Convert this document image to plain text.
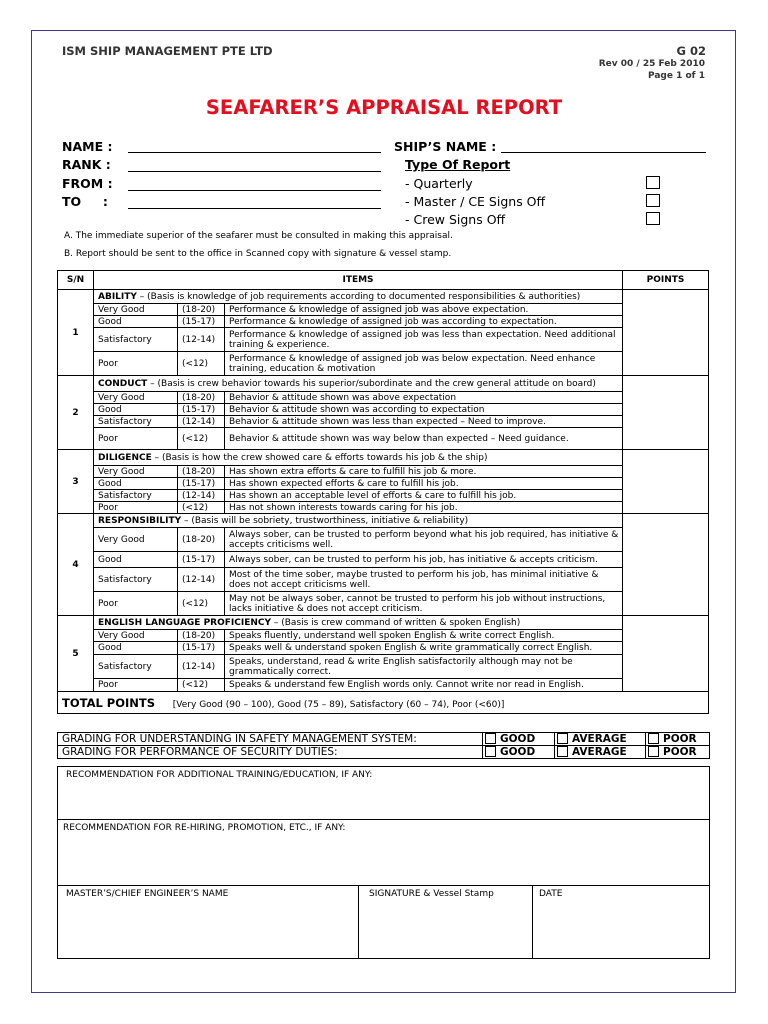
ISM SHIP MANAGEMENT PTE LTD	G 02
Rev 00 / 25 Feb 2010
Page 1 of 1
SEAFARER’S APPRAISAL REPORT
NAME :
RANK :
FROM :
TO     :
SHIP’S NAME :
Type Of Report
- Quarterly
- Master / CE Signs Off
- Crew Signs Off
A. The immediate superior of the seafarer must be consulted in making this appraisal.
B. Report should be sent to the office in Scanned copy with signature & vessel stamp.
S/N	ITEMS			POINTS
1	ABILITY – (Basis is knowledge of job requirements according to documented responsibilities & authorities)			
	Very Good	(18-20)	Performance & knowledge of assigned job was above expectation.	
	Good	(15-17)	Performance & knowledge of assigned job was according to expectation.	
	Satisfactory	(12-14)	Performance & knowledge of assigned job was less than expectation. Need additional training & experience.	
	Poor	(<12)	Performance & knowledge of assigned job was below expectation. Need enhance training, education & motivation	
2	CONDUCT – (Basis is crew behavior towards his superior/subordinate and the crew general attitude on board)			
	Very Good	(18-20)	Behavior & attitude shown was above expectation	
	Good	(15-17)	Behavior & attitude shown was according to expectation	
	Satisfactory	(12-14)	Behavior & attitude shown was less than expected – Need to improve.	
	Poor	(<12)	Behavior & attitude shown was way below than expected – Need guidance.	
3	DILIGENCE – (Basis is how the crew showed care & efforts towards his job & the ship)			
	Very Good	(18-20)	Has shown extra efforts & care to fulfill his job & more.	
	Good	(15-17)	Has shown expected efforts & care to fulfill his job.	
	Satisfactory	(12-14)	Has shown an acceptable level of efforts & care to fulfill his job.	
	Poor	(<12)	Has not shown interests towards caring for his job.	
4	RESPONSIBILITY – (Basis will be sobriety, trustworthiness, initiative & reliability)			
	Very Good	(18-20)	Always sober, can be trusted to perform beyond what his job required, has initiative & accepts criticisms well.	
	Good	(15-17)	Always sober, can be trusted to perform his job, has initiative & accepts criticism.	
	Satisfactory	(12-14)	Most of the time sober, maybe trusted to perform his job, has minimal initiative & does not accept criticisms well.	
	Poor	(<12)	May not be always sober, cannot be trusted to perform his job without instructions, lacks initiative & does not accept criticism.	
5	ENGLISH LANGUAGE PROFICIENCY – (Basis is crew command of written & spoken English)			
	Very Good	(18-20)	Speaks fluently, understand well spoken English & write correct English.	
	Good	(15-17)	Speaks well & understand spoken English & write grammatically correct English.	
	Satisfactory	(12-14)	Speaks, understand, read & write English satisfactorily although may not be grammatically correct.	
	Poor	(<12)	Speaks & understand few English words only. Cannot write nor read in English.	
TOTAL POINTS [Very Good (90 – 100), Good (75 – 89), Satisfactory (60 – 74), Poor (<60)]				
GRADING FOR UNDERSTANDING IN SAFETY MANAGEMENT SYSTEM:	GOOD	AVERAGE	POOR
GRADING FOR PERFORMANCE OF SECURITY DUTIES:	GOOD	AVERAGE	POOR
RECOMMENDATION FOR ADDITIONAL TRAINING/EDUCATION, IF ANY:
RECOMMENDATION FOR RE-HIRING, PROMOTION, ETC., IF ANY:
MASTER’S/CHIEF ENGINEER’S NAME	SIGNATURE & Vessel Stamp	DATE
